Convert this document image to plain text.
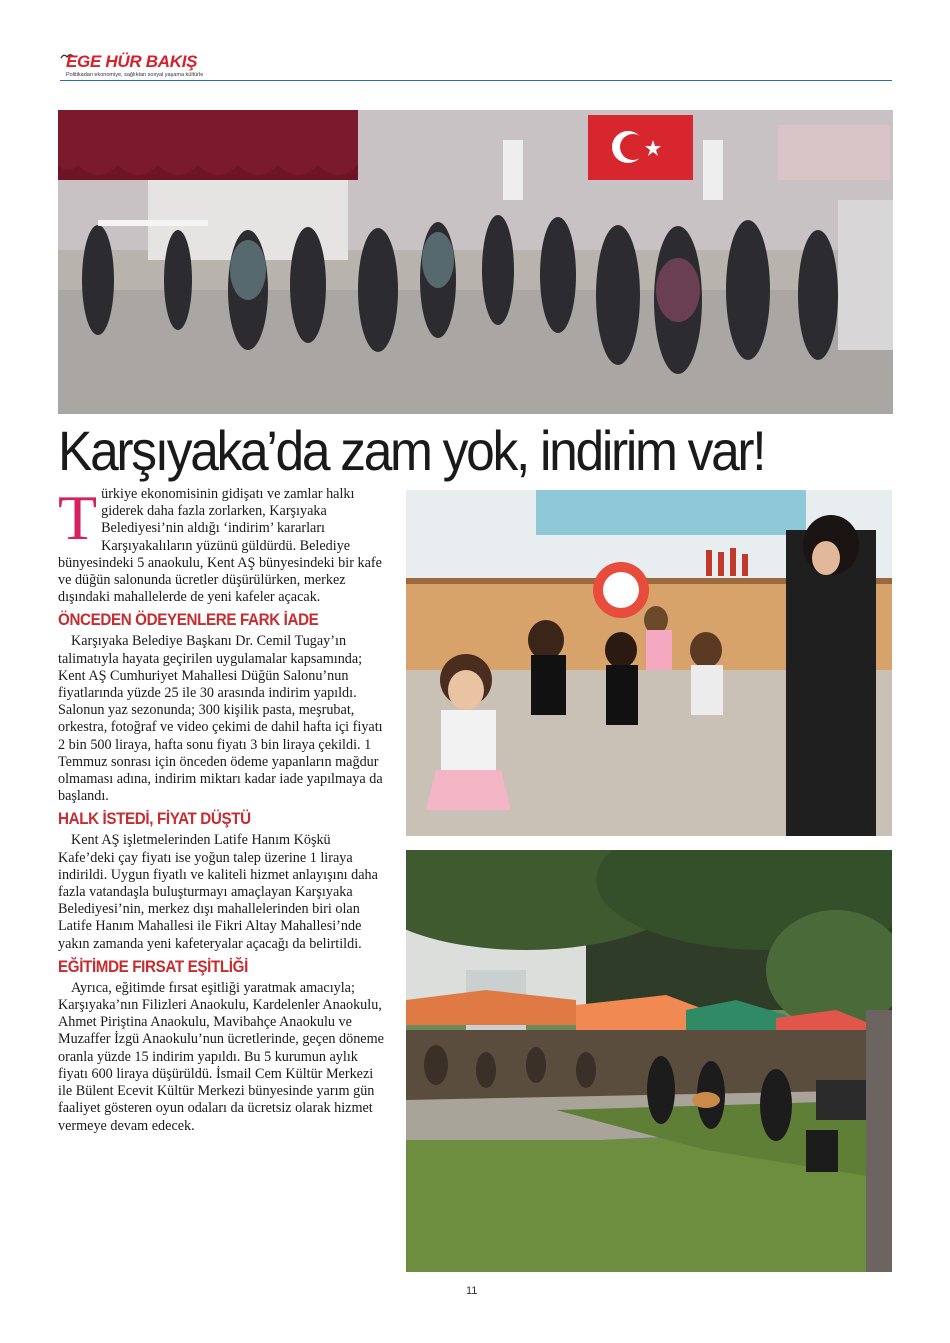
EGE HÜR BAKIŞ
Politikadan ekonomiye, sağlıktan sosyal yaşama kültürle
Karşıyaka’da zam yok, indirim var!

Türkiye ekonomisinin gidişatı ve zamlar halkı giderek daha fazla zorlarken, Karşıyaka Belediyesi’nin aldığı ‘indirim’ kararları Karşıyakalıların yüzünü güldürdü. Belediye bünyesindeki 5 anaokulu, Kent AŞ bünyesindeki bir kafe ve düğün salonunda ücretler düşürülürken, merkez dışındaki mahallelerde de yeni kafeler açacak.

ÖNCEDEN ÖDEYENLERE FARK İADE

Karşıyaka Belediye Başkanı Dr. Cemil Tugay’ın talimatıyla hayata geçirilen uygulamalar kapsamında; Kent AŞ Cumhuriyet Mahallesi Düğün Salonu’nun fiyatlarında yüzde 25 ile 30 arasında indirim yapıldı. Salonun yaz sezonunda; 300 kişilik pasta, meşrubat, orkestra, fotoğraf ve video çekimi de dahil hafta içi fiyatı 2 bin 500 liraya, hafta sonu fiyatı 3 bin liraya çekildi. 1 Temmuz sonrası için önceden ödeme yapanların mağdur olmaması adına, indirim miktarı kadar iade yapılmaya da başlandı.

HALK İSTEDİ, FİYAT DÜŞTÜ

Kent AŞ işletmelerinden Latife Hanım Köşkü Kafe’deki çay fiyatı ise yoğun talep üzerine 1 liraya indirildi. Uygun fiyatlı ve kaliteli hizmet anlayışını daha fazla vatandaşla buluşturmayı amaçlayan Karşıyaka Belediyesi’nin, merkez dışı mahallelerinden biri olan Latife Hanım Mahallesi ile Fikri Altay Mahallesi’nde yakın zamanda yeni kafeteryalar açacağı da belirtildi.

EĞİTİMDE FIRSAT EŞİTLİĞİ

Ayrıca, eğitimde fırsat eşitliği yaratmak amacıyla; Karşıyaka’nın Filizleri Anaokulu, Kardelenler Anaokulu, Ahmet Piriştina Anaokulu, Mavibahçe Anaokulu ve Muzaffer İzgü Anaokulu’nun ücretlerinde, geçen döneme oranla yüzde 15 indirim yapıldı. Bu 5 kurumun aylık fiyatı 600 liraya düşürüldü. İsmail Cem Kültür Merkezi ile Bülent Ecevit Kültür Merkezi bünyesinde yarım gün faaliyet gösteren oyun odaları da ücretsiz olarak hizmet vermeye devam edecek.

11
